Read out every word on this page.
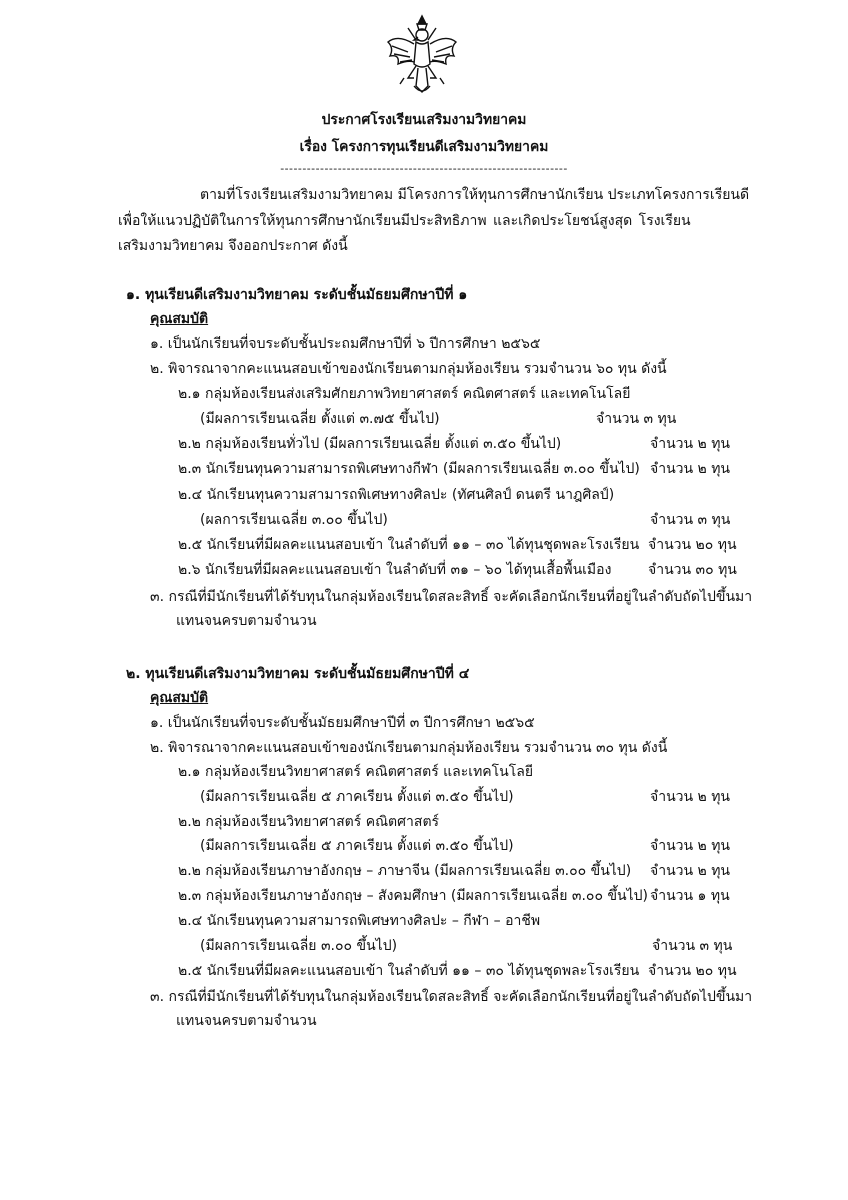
ประกาศโรงเรียนเสริมงามวิทยาคม
เรื่อง โครงการทุนเรียนดีเสริมงามวิทยาคม
-----------------------------------------------------------------
ตามที่โรงเรียนเสริมงามวิทยาคม มีโครงการให้ทุนการศึกษานักเรียน ประเภทโครงการเรียนดี
เพื่อให้แนวปฏิบัติในการให้ทุนการศึกษานักเรียนมีประสิทธิภาพ และเกิดประโยชน์สูงสุด โรงเรียน
เสริมงามวิทยาคม จึงออกประกาศ ดังนี้
๑. ทุนเรียนดีเสริมงามวิทยาคม ระดับชั้นมัธยมศึกษาปีที่ ๑
คุณสมบัติ
๑. เป็นนักเรียนที่จบระดับชั้นประถมศึกษาปีที่ ๖ ปีการศึกษา ๒๕๖๕
๒. พิจารณาจากคะแนนสอบเข้าของนักเรียนตามกลุ่มห้องเรียน รวมจำนวน ๖๐ ทุน ดังนี้
๒.๑ กลุ่มห้องเรียนส่งเสริมศักยภาพวิทยาศาสตร์ คณิตศาสตร์ และเทคโนโลยี
(มีผลการเรียนเฉลี่ย ตั้งแต่ ๓.๗๕ ขึ้นไป)	จำนวน ๓ ทุน
๒.๒ กลุ่มห้องเรียนทั่วไป (มีผลการเรียนเฉลี่ย ตั้งแต่ ๓.๕๐ ขึ้นไป)	จำนวน ๒ ทุน
๒.๓ นักเรียนทุนความสามารถพิเศษทางกีฬา (มีผลการเรียนเฉลี่ย ๓.๐๐ ขึ้นไป) จำนวน ๒ ทุน
๒.๔ นักเรียนทุนความสามารถพิเศษทางศิลปะ (ทัศนศิลป์ ดนตรี นาฎศิลป์)
(ผลการเรียนเฉลี่ย ๓.๐๐ ขึ้นไป)	จำนวน ๓ ทุน
๒.๕ นักเรียนที่มีผลคะแนนสอบเข้า ในลำดับที่ ๑๑ – ๓๐ ได้ทุนชุดพละโรงเรียน จำนวน ๒๐ ทุน
๒.๖ นักเรียนที่มีผลคะแนนสอบเข้า ในลำดับที่ ๓๑ – ๖๐ ได้ทุนเสื้อพื้นเมือง	จำนวน ๓๐ ทุน
๓. กรณีที่มีนักเรียนที่ได้รับทุนในกลุ่มห้องเรียนใดสละสิทธิ์ จะคัดเลือกนักเรียนที่อยู่ในลำดับถัดไปขึ้นมา
แทนจนครบตามจำนวน
๒. ทุนเรียนดีเสริมงามวิทยาคม ระดับชั้นมัธยมศึกษาปีที่ ๔
คุณสมบัติ
๑. เป็นนักเรียนที่จบระดับชั้นมัธยมศึกษาปีที่ ๓ ปีการศึกษา ๒๕๖๕
๒. พิจารณาจากคะแนนสอบเข้าของนักเรียนตามกลุ่มห้องเรียน รวมจำนวน ๓๐ ทุน ดังนี้
๒.๑ กลุ่มห้องเรียนวิทยาศาสตร์ คณิตศาสตร์ และเทคโนโลยี
(มีผลการเรียนเฉลี่ย ๕ ภาคเรียน ตั้งแต่ ๓.๕๐ ขึ้นไป)	จำนวน ๒ ทุน
๒.๒ กลุ่มห้องเรียนวิทยาศาสตร์ คณิตศาสตร์
(มีผลการเรียนเฉลี่ย ๕ ภาคเรียน ตั้งแต่ ๓.๕๐ ขึ้นไป)	จำนวน ๒ ทุน
๒.๒ กลุ่มห้องเรียนภาษาอังกฤษ – ภาษาจีน (มีผลการเรียนเฉลี่ย ๓.๐๐ ขึ้นไป) จำนวน ๒ ทุน
๒.๓ กลุ่มห้องเรียนภาษาอังกฤษ – สังคมศึกษา (มีผลการเรียนเฉลี่ย ๓.๐๐ ขึ้นไป) จำนวน ๑ ทุน
๒.๔ นักเรียนทุนความสามารถพิเศษทางศิลปะ – กีฬา – อาชีพ
(มีผลการเรียนเฉลี่ย ๓.๐๐ ขึ้นไป)	จำนวน ๓ ทุน
๒.๕ นักเรียนที่มีผลคะแนนสอบเข้า ในลำดับที่ ๑๑ – ๓๐ ได้ทุนชุดพละโรงเรียน จำนวน ๒๐ ทุน
๓. กรณีที่มีนักเรียนที่ได้รับทุนในกลุ่มห้องเรียนใดสละสิทธิ์ จะคัดเลือกนักเรียนที่อยู่ในลำดับถัดไปขึ้นมา
แทนจนครบตามจำนวน
